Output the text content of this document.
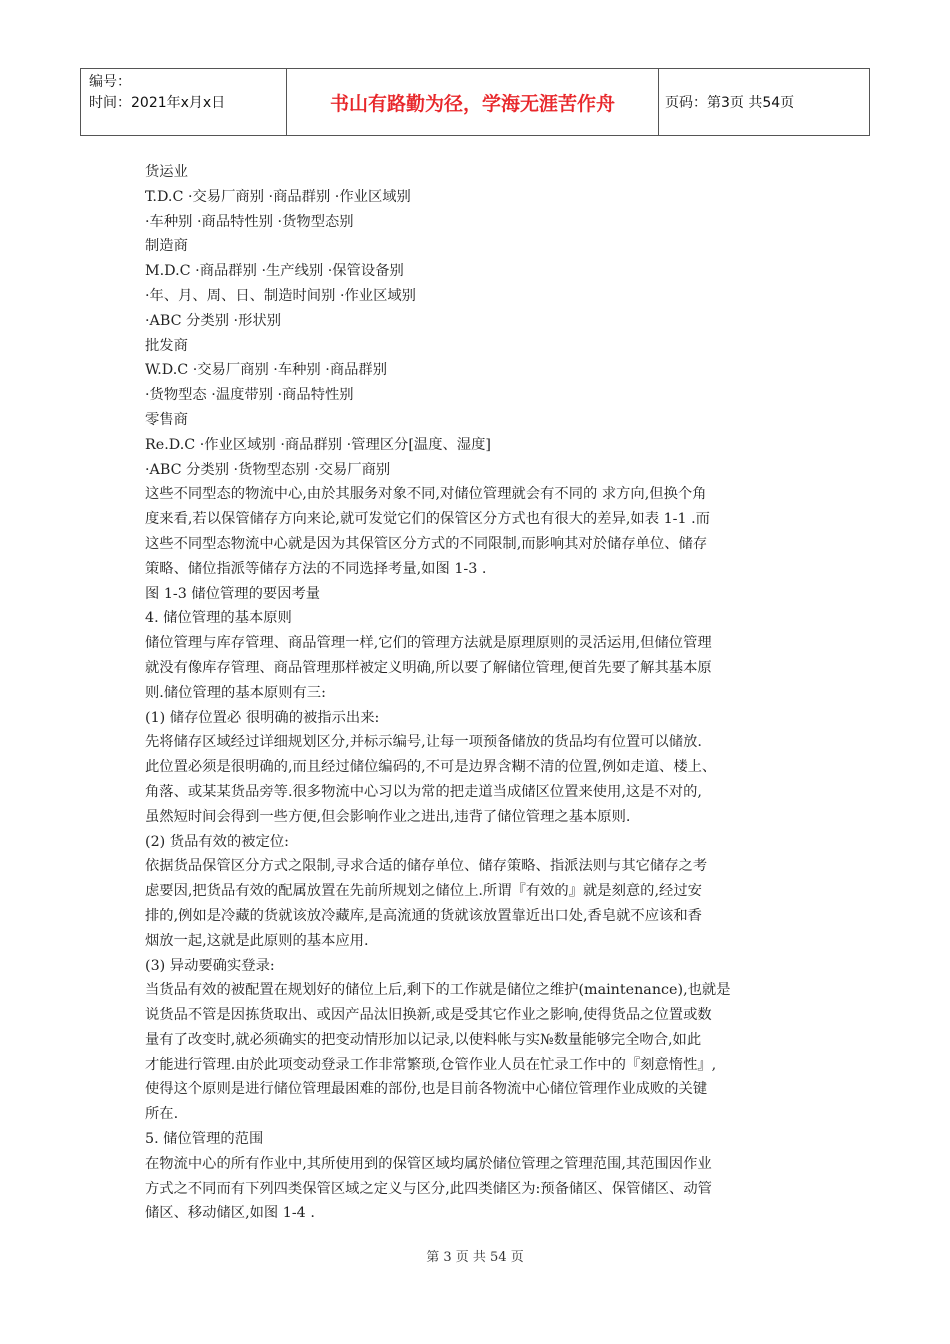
编号：
时间：2021年x月x日	书山有路勤为径，学海无涯苦作舟	页码：第3页 共54页
货运业
T.D.C ·交易厂商别 ·商品群别 ·作业区域别
·车种别 ·商品特性别 ·货物型态别
制造商
M.D.C ·商品群别 ·生产线别 ·保管设备别
·年、月、周、日、制造时间别 ·作业区域别
·ABC 分类别 ·形状别
批发商
W.D.C ·交易厂商别 ·车种别 ·商品群别
·货物型态 ·温度带别 ·商品特性别
零售商
Re.D.C ·作业区域别 ·商品群别 ·管理区分[温度、湿度]
·ABC 分类别 ·货物型态别 ·交易厂商别
这些不同型态的物流中心,由於其服务对象不同,对储位管理就会有不同的 求方向,但换个角
度来看,若以保管储存方向来论,就可发觉它们的保管区分方式也有很大的差异,如表 1-1 .而
这些不同型态物流中心就是因为其保管区分方式的不同限制,而影响其对於储存单位、储存
策略、储位指派等储存方法的不同选择考量,如图 1-3 .
图 1-3 储位管理的要因考量
4. 储位管理的基本原则
储位管理与库存管理、商品管理一样,它们的管理方法就是原理原则的灵活运用,但储位管理
就没有像库存管理、商品管理那样被定义明确,所以要了解储位管理,便首先要了解其基本原
则.储位管理的基本原则有三:
(1) 储存位置必 很明确的被指示出来:
先将储存区域经过详细规划区分,并标示编号,让每一项预备储放的货品均有位置可以储放.
此位置必须是很明确的,而且经过储位编码的,不可是边界含糊不清的位置,例如走道、楼上、
角落、或某某货品旁等.很多物流中心习以为常的把走道当成储区位置来使用,这是不对的,
虽然短时间会得到一些方便,但会影响作业之进出,违背了储位管理之基本原则.
(2) 货品有效的被定位:
依据货品保管区分方式之限制,寻求合适的储存单位、储存策略、指派法则与其它储存之考
虑要因,把货品有效的配属放置在先前所规划之储位上.所谓『有效的』就是刻意的,经过安
排的,例如是冷藏的货就该放冷藏库,是高流通的货就该放置靠近出口处,香皂就不应该和香
烟放一起,这就是此原则的基本应用.
(3) 异动要确实登录:
当货品有效的被配置在规划好的储位上后,剩下的工作就是储位之维护(maintenance),也就是
说货品不管是因拣货取出、或因产品汰旧换新,或是受其它作业之影响,使得货品之位置或数
量有了改变时,就必须确实的把变动情形加以记录,以使料帐与实№数量能够完全吻合,如此
才能进行管理.由於此项变动登录工作非常繁琐,仓管作业人员在忙录工作中的『刻意惰性』,
使得这个原则是进行储位管理最困难的部份,也是目前各物流中心储位管理作业成败的关键
所在.
5. 储位管理的范围
在物流中心的所有作业中,其所使用到的保管区域均属於储位管理之管理范围,其范围因作业
方式之不同而有下列四类保管区域之定义与区分,此四类储区为:预备储区、保管储区、动管
储区、移动储区,如图 1-4 .
第 3 页 共 54 页
